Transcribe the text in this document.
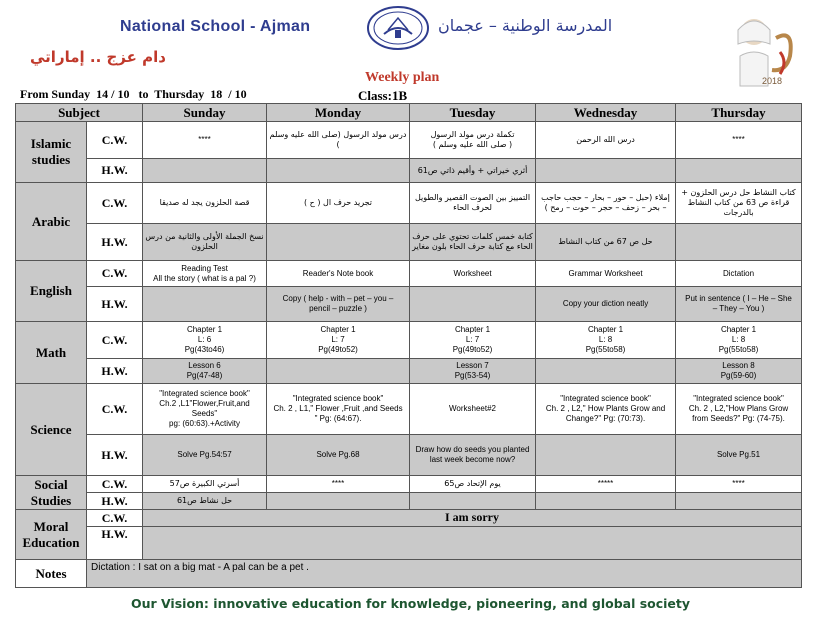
National School - Ajman	المدرسة الوطنية – عجمان
دام عزج .. إماراتي
2018
Weekly plan
Class:1B
From Sunday  14 / 10   to  Thursday  18  / 10
Subject		Sunday	Monday	Tuesday	Wednesday	Thursday
Islamic studies	C.W.	****	درس مولد الرسول (صلى الله عليه وسلم )	تكملة درس مولد الرسول
( صلى الله عليه وسلم )	درس الله الرحمن	****
	H.W.			أثري خيراتي + وأقيم ذاتي ص61		
Arabic	C.W.	قصة الحلزون يجد له صديقا	تجريد حرف ال ( ح )	التمييز بين الصوت القصير والطويل لحرف الحاء	إملاء (حبل – حور – بحار – حجب حاجب – بحر – زحف – حجر – حوت – رمح )	كتاب النشاط حل درس الحلزون + قراءة ص 63 من كتاب النشاط بالدرجات
	H.W.	نسخ الجملة الأولى والثانية من درس الحلزون		كتابة خمس كلمات تحتوي على حرف الحاء مع كتابة حرف الحاء بلون مغاير	حل ص 67 من كتاب النشاط	
English	C.W.	Reading Test
All the story ( what is a pal ?)	Reader's Note book	Worksheet	Grammar Worksheet	Dictation
	H.W.		Copy ( help - with – pet – you –
pencil – puzzle )		Copy your diction neatly	Put in sentence ( I – He – She
– They – You )
Math	C.W.	Chapter 1
L: 6
Pg(43to46)	Chapter 1
L: 7
Pg(49to52)	Chapter 1
L: 7
Pg(49to52)	Chapter 1
L: 8
Pg(55to58)	Chapter 1
L: 8
Pg(55to58)
	H.W.	Lesson 6
Pg(47-48)		Lesson 7
Pg(53-54)		Lesson 8
Pg(59-60)
Science	C.W.	"Integrated science book"
Ch.2 ,L1"Flower,Fruit,and
Seeds"
pg: (60:63).+Activity	"Integrated science book"
Ch. 2 , L1," Flower ,Fruit ,and Seeds
" Pg: (64:67).	Worksheet#2	"Integrated science book"
Ch. 2 , L2," How Plants Grow and
Change?" Pg: (70:73).	"Integrated science book"
Ch. 2 , L2,"How Plans Grow
from Seeds?" Pg: (74-75).
	H.W.	Solve Pg.54:57	Solve Pg.68	Draw how do seeds you planted
last week become now?		Solve Pg.51
Social Studies	C.W.	أسرتي الكبيرة ص57	****	يوم الإتحاد ص65	*****	****
	H.W.	حل نشاط ص61				
Moral Education	C.W.	I am sorry				
	H.W.					
Notes	Dictation : I sat on a big mat - A pal can be a pet .					
Our Vision: innovative education for knowledge, pioneering, and global society
